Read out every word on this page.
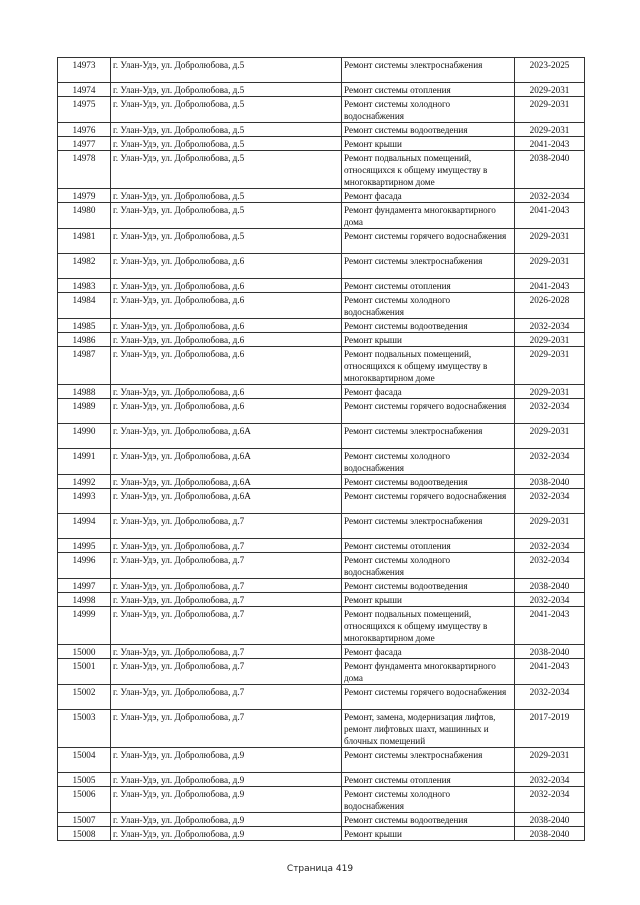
14973	г. Улан-Удэ, ул. Добролюбова, д.5	Ремонт системы электроснабжения	2023-2025
14974	г. Улан-Удэ, ул. Добролюбова, д.5	Ремонт системы отопления	2029-2031
14975	г. Улан-Удэ, ул. Добролюбова, д.5	Ремонт системы холодного водоснабжения	2029-2031
14976	г. Улан-Удэ, ул. Добролюбова, д.5	Ремонт системы водоотведения	2029-2031
14977	г. Улан-Удэ, ул. Добролюбова, д.5	Ремонт крыши	2041-2043
14978	г. Улан-Удэ, ул. Добролюбова, д.5	Ремонт подвальных помещений, относящихся к общему имуществу в многоквартирном доме	2038-2040
14979	г. Улан-Удэ, ул. Добролюбова, д.5	Ремонт фасада	2032-2034
14980	г. Улан-Удэ, ул. Добролюбова, д.5	Ремонт фундамента многоквартирного дома	2041-2043
14981	г. Улан-Удэ, ул. Добролюбова, д.5	Ремонт системы горячего водоснабжения	2029-2031
14982	г. Улан-Удэ, ул. Добролюбова, д.6	Ремонт системы электроснабжения	2029-2031
14983	г. Улан-Удэ, ул. Добролюбова, д.6	Ремонт системы отопления	2041-2043
14984	г. Улан-Удэ, ул. Добролюбова, д.6	Ремонт системы холодного водоснабжения	2026-2028
14985	г. Улан-Удэ, ул. Добролюбова, д.6	Ремонт системы водоотведения	2032-2034
14986	г. Улан-Удэ, ул. Добролюбова, д.6	Ремонт крыши	2029-2031
14987	г. Улан-Удэ, ул. Добролюбова, д.6	Ремонт подвальных помещений, относящихся к общему имуществу в многоквартирном доме	2029-2031
14988	г. Улан-Удэ, ул. Добролюбова, д.6	Ремонт фасада	2029-2031
14989	г. Улан-Удэ, ул. Добролюбова, д.6	Ремонт системы горячего водоснабжения	2032-2034
14990	г. Улан-Удэ, ул. Добролюбова, д.6А	Ремонт системы электроснабжения	2029-2031
14991	г. Улан-Удэ, ул. Добролюбова, д.6А	Ремонт системы холодного водоснабжения	2032-2034
14992	г. Улан-Удэ, ул. Добролюбова, д.6А	Ремонт системы водоотведения	2038-2040
14993	г. Улан-Удэ, ул. Добролюбова, д.6А	Ремонт системы горячего водоснабжения	2032-2034
14994	г. Улан-Удэ, ул. Добролюбова, д.7	Ремонт системы электроснабжения	2029-2031
14995	г. Улан-Удэ, ул. Добролюбова, д.7	Ремонт системы отопления	2032-2034
14996	г. Улан-Удэ, ул. Добролюбова, д.7	Ремонт системы холодного водоснабжения	2032-2034
14997	г. Улан-Удэ, ул. Добролюбова, д.7	Ремонт системы водоотведения	2038-2040
14998	г. Улан-Удэ, ул. Добролюбова, д.7	Ремонт крыши	2032-2034
14999	г. Улан-Удэ, ул. Добролюбова, д.7	Ремонт подвальных помещений, относящихся к общему имуществу в многоквартирном доме	2041-2043
15000	г. Улан-Удэ, ул. Добролюбова, д.7	Ремонт фасада	2038-2040
15001	г. Улан-Удэ, ул. Добролюбова, д.7	Ремонт фундамента многоквартирного дома	2041-2043
15002	г. Улан-Удэ, ул. Добролюбова, д.7	Ремонт системы горячего водоснабжения	2032-2034
15003	г. Улан-Удэ, ул. Добролюбова, д.7	Ремонт, замена, модернизация лифтов, ремонт лифтовых шахт, машинных и блочных помещений	2017-2019
15004	г. Улан-Удэ, ул. Добролюбова, д.9	Ремонт системы электроснабжения	2029-2031
15005	г. Улан-Удэ, ул. Добролюбова, д.9	Ремонт системы отопления	2032-2034
15006	г. Улан-Удэ, ул. Добролюбова, д.9	Ремонт системы холодного водоснабжения	2032-2034
15007	г. Улан-Удэ, ул. Добролюбова, д.9	Ремонт системы водоотведения	2038-2040
15008	г. Улан-Удэ, ул. Добролюбова, д.9	Ремонт крыши	2038-2040
Страница 419
